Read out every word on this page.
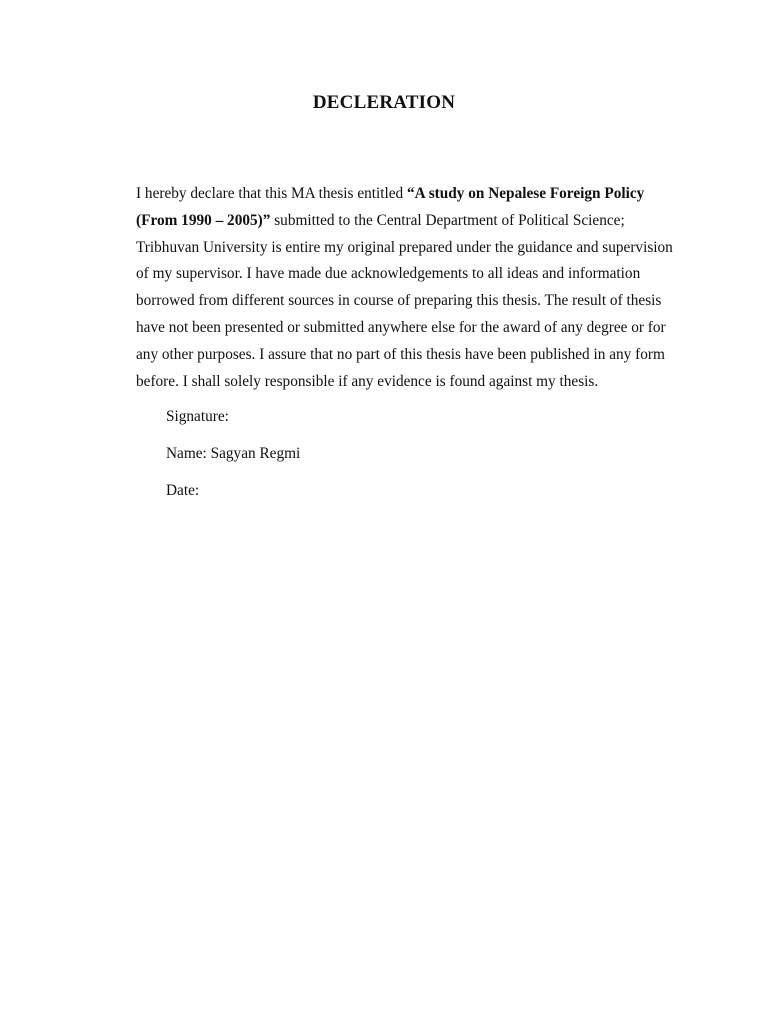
DECLERATION

I hereby declare that this MA thesis entitled “A study on Nepalese Foreign Policy
(From 1990 – 2005)” submitted to the Central Department of Political Science;
Tribhuvan University is entire my original prepared under the guidance and supervision
of my supervisor. I have made due acknowledgements to all ideas and information
borrowed from different sources in course of preparing this thesis. The result of thesis
have not been presented or submitted anywhere else for the award of any degree or for
any other purposes. I assure that no part of this thesis have been published in any form
before. I shall solely responsible if any evidence is found against my thesis.

Signature:

Name: Sagyan Regmi

Date:
